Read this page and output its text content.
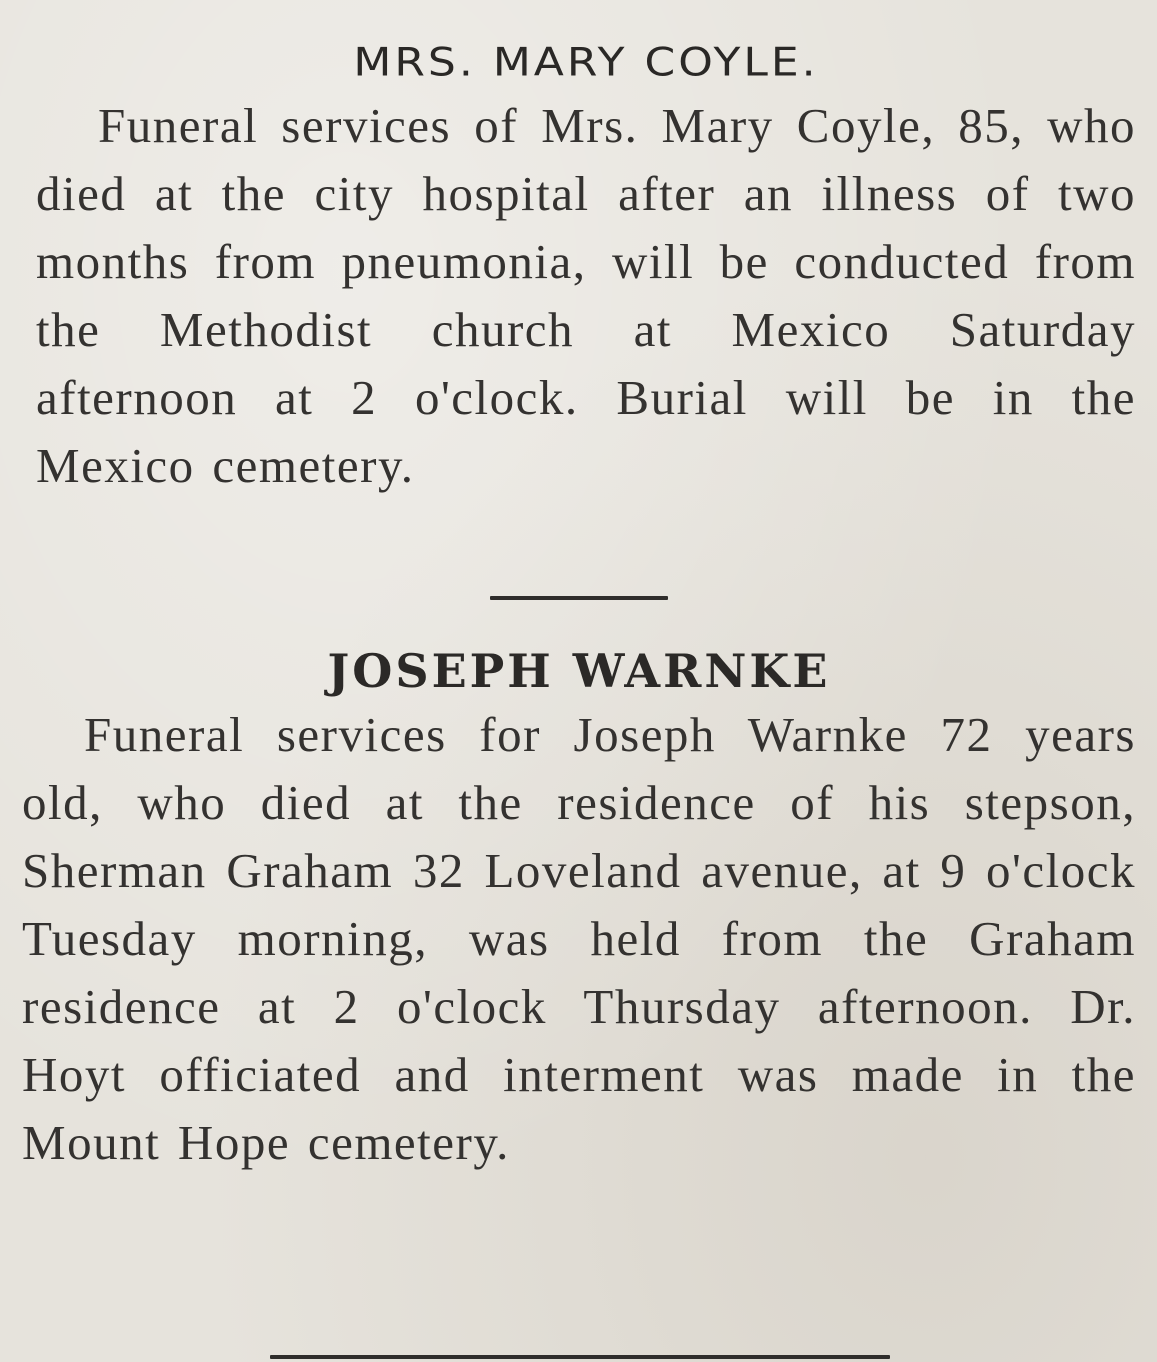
MRS. MARY COYLE.

Funeral services of Mrs. Mary Coyle, 85, who died at the city hospital after an illness of two months from pneumonia, will be conducted from the Methodist church at Mexico Saturday afternoon at 2 o'clock. Burial will be in the Mexico cemetery.

JOSEPH WARNKE

Funeral services for Joseph Warnke 72 years old, who died at the residence of his stepson, Sherman Graham 32 Loveland avenue, at 9 o'clock Tuesday morning, was held from the Graham residence at 2 o'clock Thursday afternoon. Dr. Hoyt officiated and interment was made in the Mount Hope cemetery.
